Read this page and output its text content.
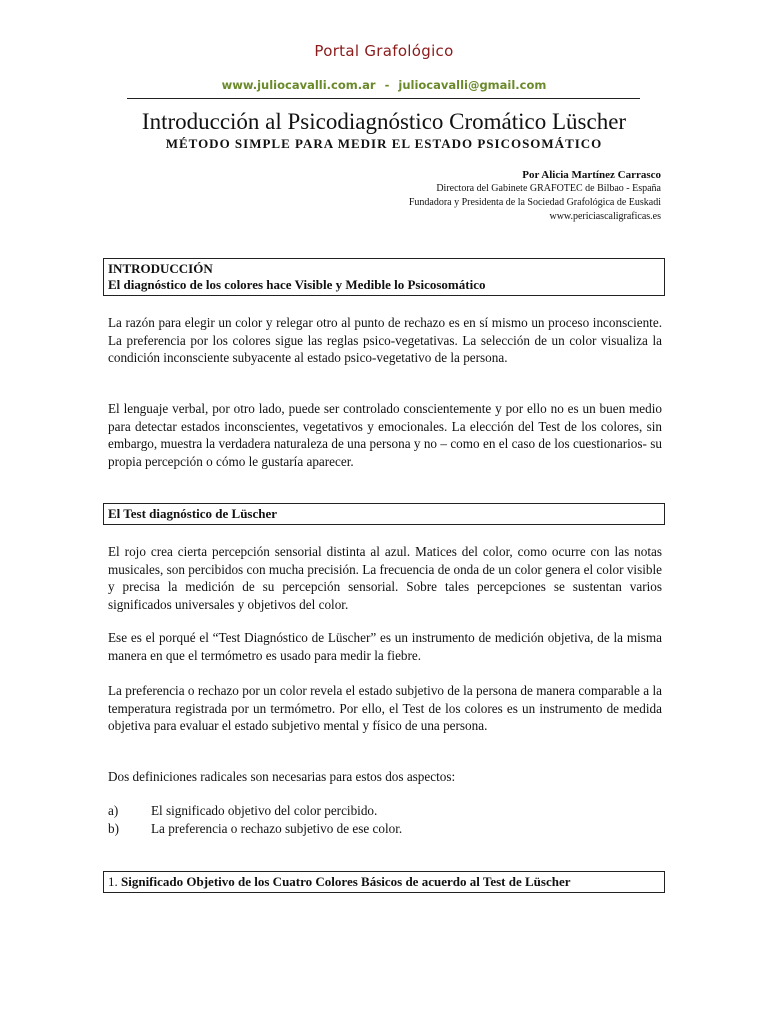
Portal Grafológico
www.juliocavalli.com.ar - juliocavalli@gmail.com
Introducción al Psicodiagnóstico Cromático Lüscher
MÉTODO SIMPLE PARA MEDIR EL ESTADO PSICOSOMÁTICO
Por Alicia Martínez Carrasco
Directora del Gabinete GRAFOTEC de Bilbao - España
Fundadora y Presidenta de la Sociedad Grafológica de Euskadi
www.periciascaligraficas.es
INTRODUCCIÓN
El diagnóstico de los colores hace Visible y Medible lo Psicosomático

La razón para elegir un color y relegar otro al punto de rechazo es en sí mismo un proceso inconsciente. La preferencia por los colores sigue las reglas psico-vegetativas. La selección de un color visualiza la condición inconsciente subyacente al estado psico-vegetativo de la persona.

El lenguaje verbal, por otro lado, puede ser controlado conscientemente y por ello no es un buen medio para detectar estados inconscientes, vegetativos y emocionales. La elección del Test de los colores, sin embargo, muestra la verdadera naturaleza de una persona y no – como en el caso de los cuestionarios- su propia percepción o cómo le gustaría aparecer.

El Test diagnóstico de Lüscher

El rojo crea cierta percepción sensorial distinta al azul. Matices del color, como ocurre con las notas musicales, son percibidos con mucha precisión. La frecuencia de onda de un color genera el color visible y precisa la medición de su percepción sensorial. Sobre tales percepciones se sustentan varios significados universales y objetivos del color.

Ese es el porqué el “Test Diagnóstico de Lüscher” es un instrumento de medición objetiva, de la misma manera en que el termómetro es usado para medir la fiebre.

La preferencia o rechazo por un color revela el estado subjetivo de la persona de manera comparable a la temperatura registrada por un termómetro. Por ello, el Test de los colores es un instrumento de medida objetiva para evaluar el estado subjetivo mental y físico de una persona.

Dos definiciones radicales son necesarias para estos dos aspectos:

a) El significado objetivo del color percibido.
b) La preferencia o rechazo subjetivo de ese color.
1. Significado Objetivo de los Cuatro Colores Básicos de acuerdo al Test de Lüscher
